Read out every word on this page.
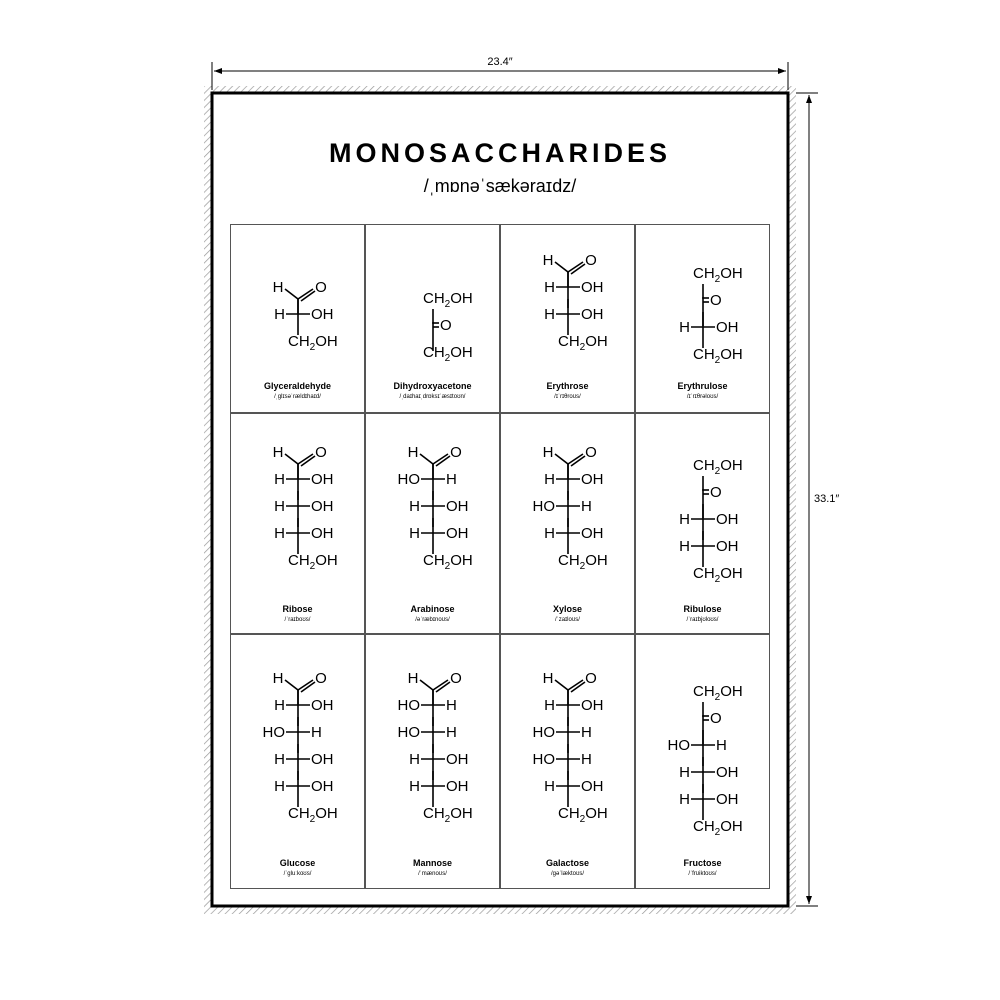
23.4″
33.1″
MONOSACCHARIDES
/ˌmɒnəˈsækəraɪdz/
H O
H OH
$CH_2OH$
Glyceraldehyde
/ˌɡlɪsəˈrældɪhaɪd/
$CH_2OH$
O
$CH_2OH$
Dihydroxyacetone
/ˌdaɪhaɪˌdrɒksɪˈæsɪtoʊn/
H O
H OH
H OH
$CH_2OH$
Erythrose
/ɪˈrɪθroʊs/
$CH_2OH$
O
H OH
$CH_2OH$
Erythrulose
/ɪˈrɪθrəloʊs/
H O
H OH
H OH
H OH
$CH_2OH$
Ribose
/ˈraɪboʊs/
H O
HO H
H OH
H OH
$CH_2OH$
Arabinose
/əˈræbɪnoʊs/
H O
H OH
HO H
H OH
$CH_2OH$
Xylose
/ˈzaɪloʊs/
$CH_2OH$
O
H OH
H OH
$CH_2OH$
Ribulose
/ˈraɪbjʊloʊs/
H O
H OH
HO H
H OH
H OH
$CH_2OH$
Glucose
/ˈɡluːkoʊs/
H O
HO H
HO H
H OH
H OH
$CH_2OH$
Mannose
/ˈmænoʊs/
H O
H OH
HO H
HO H
H OH
$CH_2OH$
Galactose
/ɡəˈlæktoʊs/
$CH_2OH$
O
HO H
H OH
H OH
$CH_2OH$
Fructose
/ˈfrʊiktoʊs/
